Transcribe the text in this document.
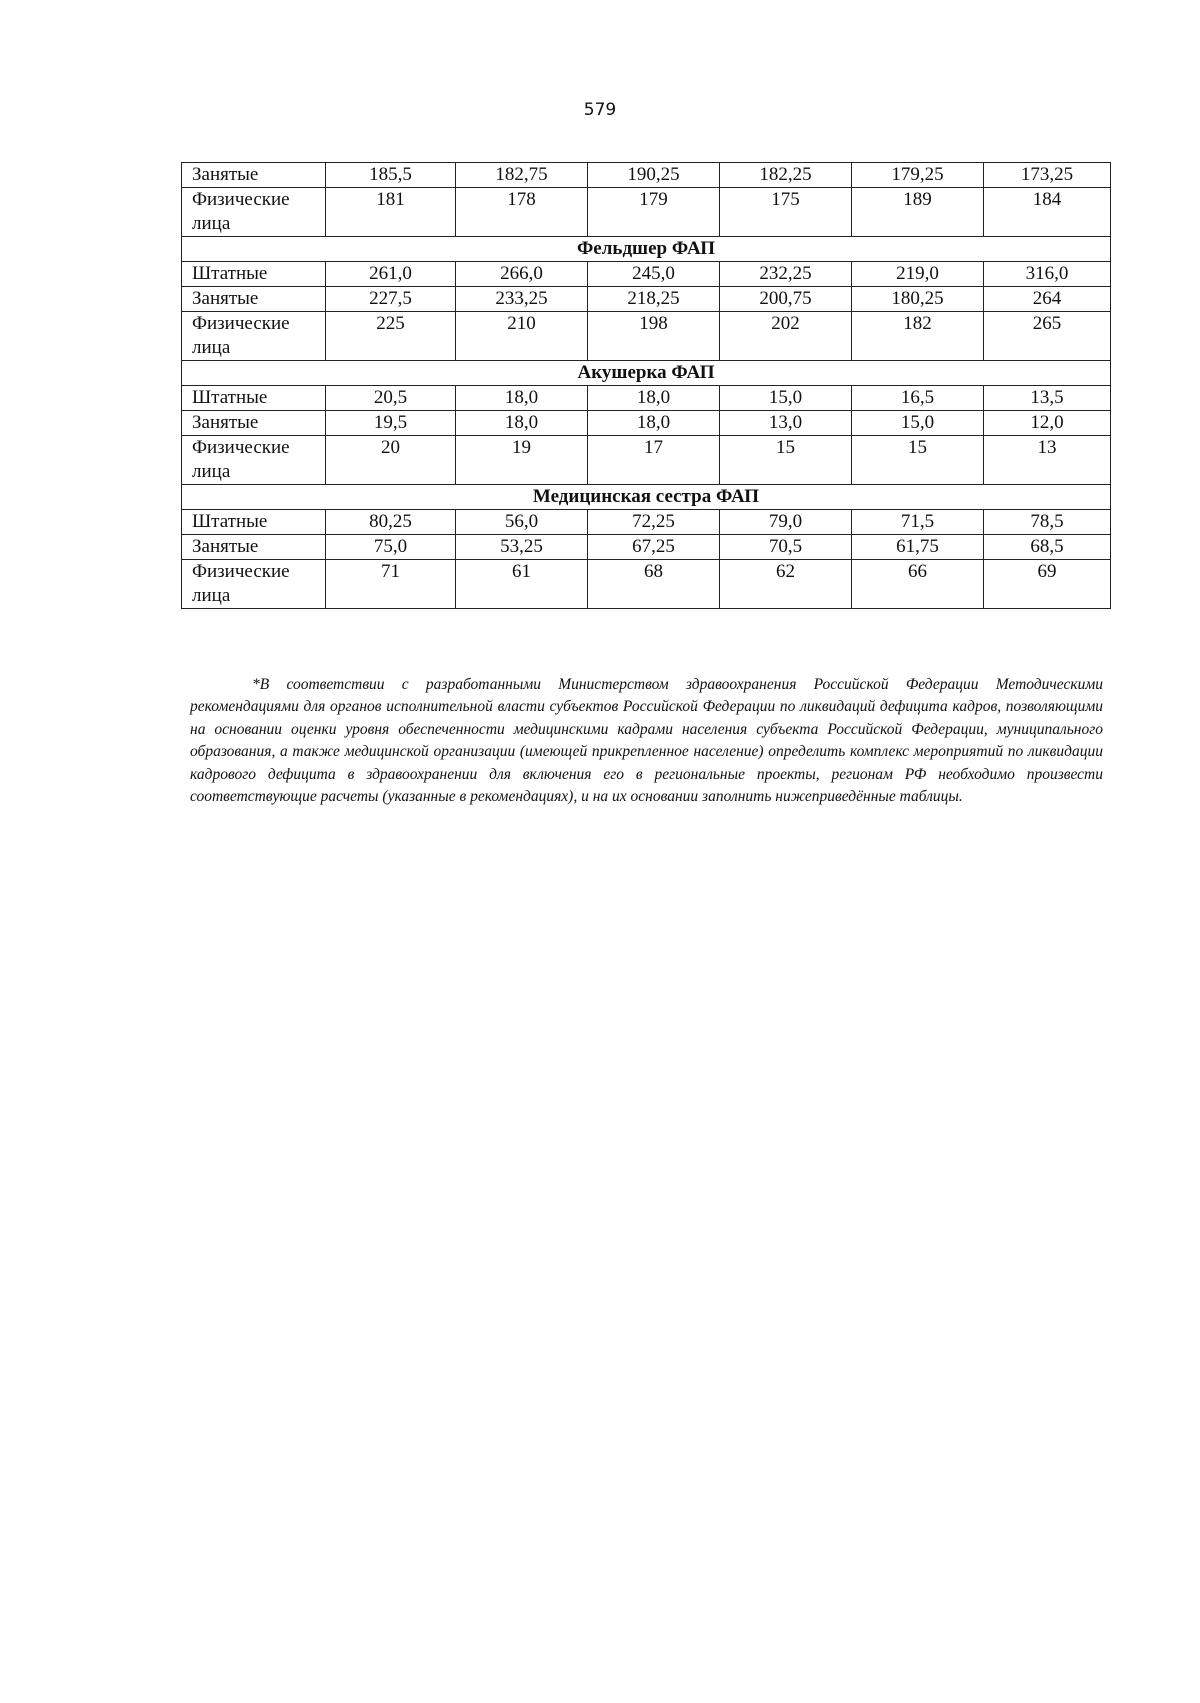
579
Занятые	185,5	182,75	190,25	182,25	179,25	173,25
Физические лица	181	178	179	175	189	184
Фельдшер ФАП						
Штатные	261,0	266,0	245,0	232,25	219,0	316,0
Занятые	227,5	233,25	218,25	200,75	180,25	264
Физические лица	225	210	198	202	182	265
Акушерка ФАП						
Штатные	20,5	18,0	18,0	15,0	16,5	13,5
Занятые	19,5	18,0	18,0	13,0	15,0	12,0
Физические лица	20	19	17	15	15	13
Медицинская сестра ФАП						
Штатные	80,25	56,0	72,25	79,0	71,5	78,5
Занятые	75,0	53,25	67,25	70,5	61,75	68,5
Физические лица	71	61	68	62	66	69

*В соответствии с разработанными Министерством здравоохранения Российской Федерации Методическими рекомендациями для органов исполнительной власти субъектов Российской Федерации по ликвидаций дефицита кадров, позволяющими на основании оценки уровня обеспеченности медицинскими кадрами населения субъекта Российской Федерации, муниципального образования, а также медицинской организации (имеющей прикрепленное население) определить комплекс мероприятий по ликвидации кадрового дефицита в здравоохранении для включения его в региональные проекты, регионам РФ необходимо произвести соответствующие расчеты (указанные в рекомендациях), и на их основании заполнить нижеприведённые таблицы.
